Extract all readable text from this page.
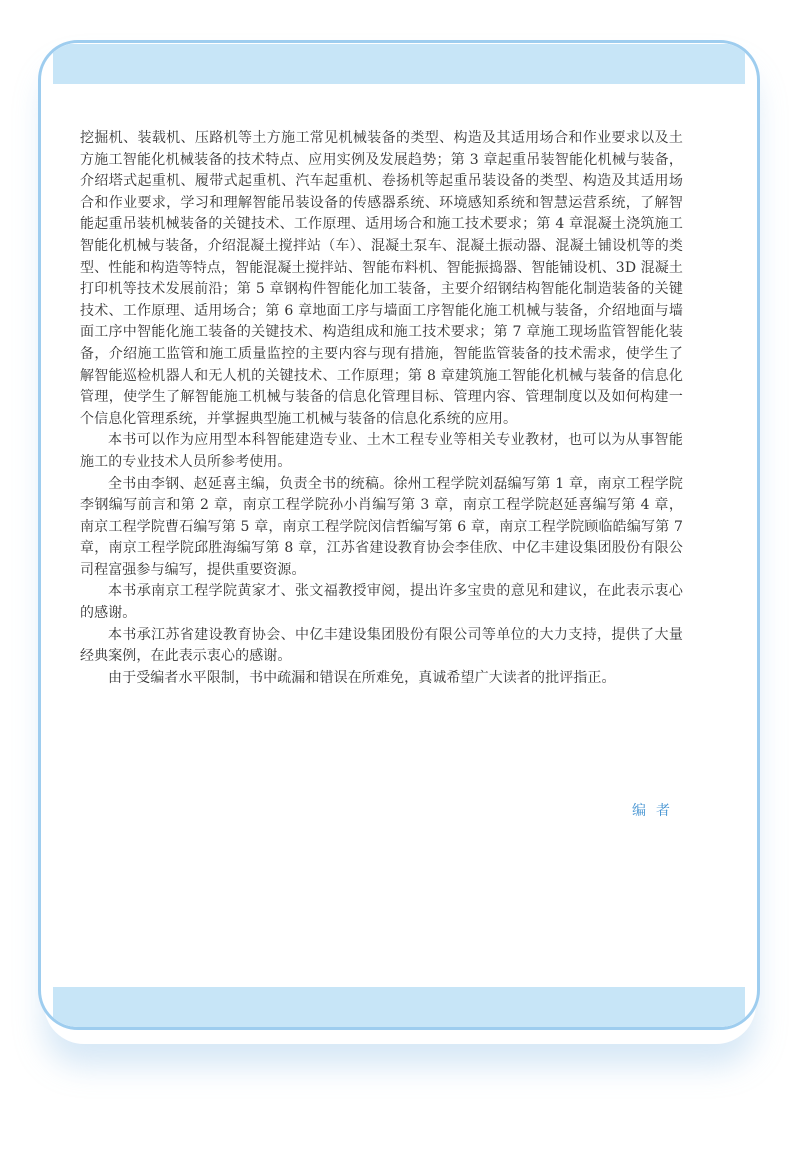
挖掘机、装载机、压路机等土方施工常见机械装备的类型、构造及其适用场合和作业要求以及土方施工智能化机械装备的技术特点、应用实例及发展趋势；第 3 章起重吊装智能化机械与装备，介绍塔式起重机、履带式起重机、汽车起重机、卷扬机等起重吊装设备的类型、构造及其适用场合和作业要求，学习和理解智能吊装设备的传感器系统、环境感知系统和智慧运营系统，了解智能起重吊装机械装备的关键技术、工作原理、适用场合和施工技术要求；第 4 章混凝土浇筑施工智能化机械与装备，介绍混凝土搅拌站（车）、混凝土泵车、混凝土振动器、混凝土铺设机等的类型、性能和构造等特点，智能混凝土搅拌站、智能布料机、智能振捣器、智能铺设机、3D 混凝土打印机等技术发展前沿；第 5 章钢构件智能化加工装备，主要介绍钢结构智能化制造装备的关键技术、工作原理、适用场合；第 6 章地面工序与墙面工序智能化施工机械与装备，介绍地面与墙面工序中智能化施工装备的关键技术、构造组成和施工技术要求；第 7 章施工现场监管智能化装备，介绍施工监管和施工质量监控的主要内容与现有措施，智能监管装备的技术需求，使学生了解智能巡检机器人和无人机的关键技术、工作原理；第 8 章建筑施工智能化机械与装备的信息化管理，使学生了解智能施工机械与装备的信息化管理目标、管理内容、管理制度以及如何构建一个信息化管理系统，并掌握典型施工机械与装备的信息化系统的应用。

本书可以作为应用型本科智能建造专业、土木工程专业等相关专业教材，也可以为从事智能施工的专业技术人员所参考使用。

全书由李钢、赵延喜主编，负责全书的统稿。徐州工程学院刘磊编写第 1 章，南京工程学院李钢编写前言和第 2 章，南京工程学院孙小肖编写第 3 章，南京工程学院赵延喜编写第 4 章，南京工程学院曹石编写第 5 章，南京工程学院闵信哲编写第 6 章，南京工程学院顾临皓编写第 7 章，南京工程学院邱胜海编写第 8 章，江苏省建设教育协会李佳欣、中亿丰建设集团股份有限公司程富强参与编写，提供重要资源。

本书承南京工程学院黄家才、张文福教授审阅，提出许多宝贵的意见和建议，在此表示衷心的感谢。

本书承江苏省建设教育协会、中亿丰建设集团股份有限公司等单位的大力支持，提供了大量经典案例，在此表示衷心的感谢。

由于受编者水平限制，书中疏漏和错误在所难免，真诚希望广大读者的批评指正。

编者
